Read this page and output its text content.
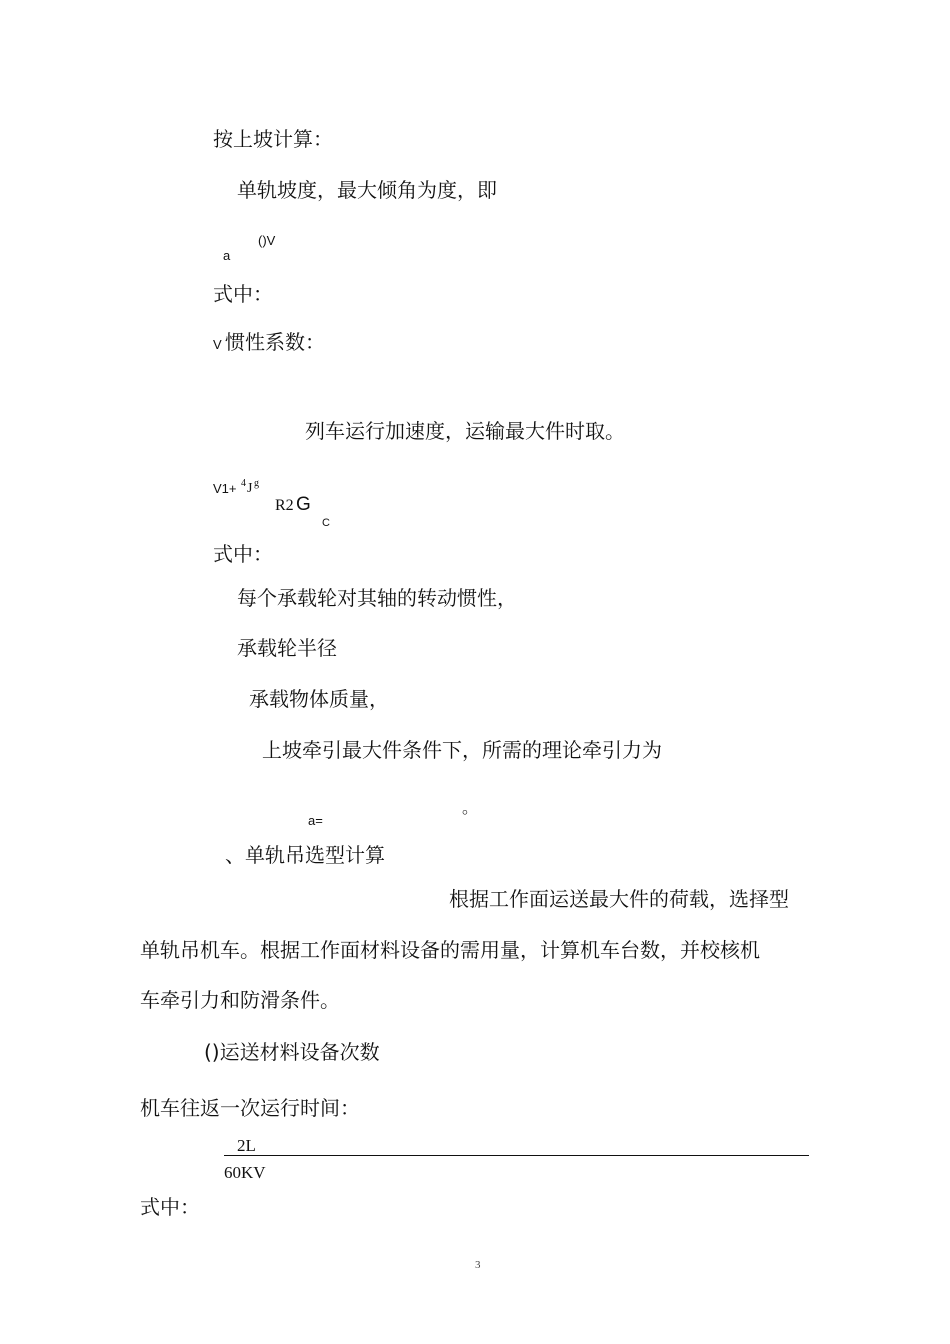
按上坡计算：
单轨坡度，最大倾角为度，即
a
()V
式中：
V 惯性系数：
列车运行加速度，运输最大件时取。
V1+ 4 J g
R2 G
C
式中：
每个承载轮对其轴的转动惯性，
承载轮半径
承载物体质量，
上坡牵引最大件条件下，所需的理论牵引力为
。
a=
、单轨吊选型计算
根据工作面运送最大件的荷载，选择型
单轨吊机车。根据工作面材料设备的需用量，计算机车台数，并校核机
车牵引力和防滑条件。
()运送材料设备次数
机车往返一次运行时间：
2L
60KV
式中：
3
